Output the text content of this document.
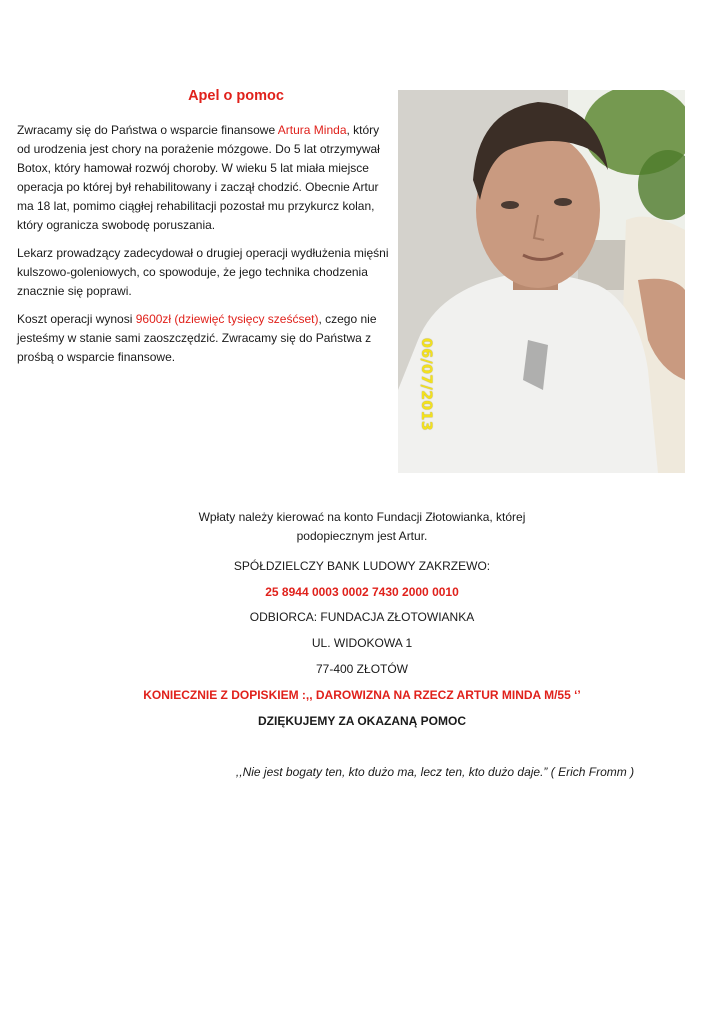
Apel o pomoc

Zwracamy się do Państwa o wsparcie finansowe Artura Minda, który od urodzenia jest chory na porażenie mózgowe. Do 5 lat otrzymywał Botox, który hamował rozwój choroby. W wieku 5 lat miała miejsce operacja po której był rehabilitowany i zaczął chodzić. Obecnie Artur ma 18 lat, pomimo ciągłej rehabilitacji pozostał mu przykurcz kolan, który ogranicza swobodę poruszania.

Lekarz prowadzący zadecydował o drugiej operacji wydłużenia mięśni kulszowo-goleniowych, co spowoduje, że jego technika chodzenia znacznie się poprawi.

Koszt operacji wynosi 9600zł (dziewięć tysięcy sześćset), czego nie jesteśmy w stanie sami zaoszczędzić. Zwracamy się do Państwa z prośbą o wsparcie finansowe.	06/07/2013

Wpłaty należy kierować na konto Fundacji Złotowianka, której

podopiecznym jest Artur.

SPÓŁDZIELCZY BANK LUDOWY ZAKRZEWO:

25 8944 0003 0002 7430 2000 0010

ODBIORCA: FUNDACJA ZŁOTOWIANKA

UL. WIDOKOWA 1

77-400 ZŁOTÓW

KONIECZNIE Z DOPISKIEM :,, DAROWIZNA NA RZECZ ARTUR MINDA M/55 ‘’

DZIĘKUJEMY ZA OKAZANĄ POMOC

,,Nie jest bogaty ten, kto dużo ma, lecz ten, kto dużo daje.” ( Erich Fromm )
